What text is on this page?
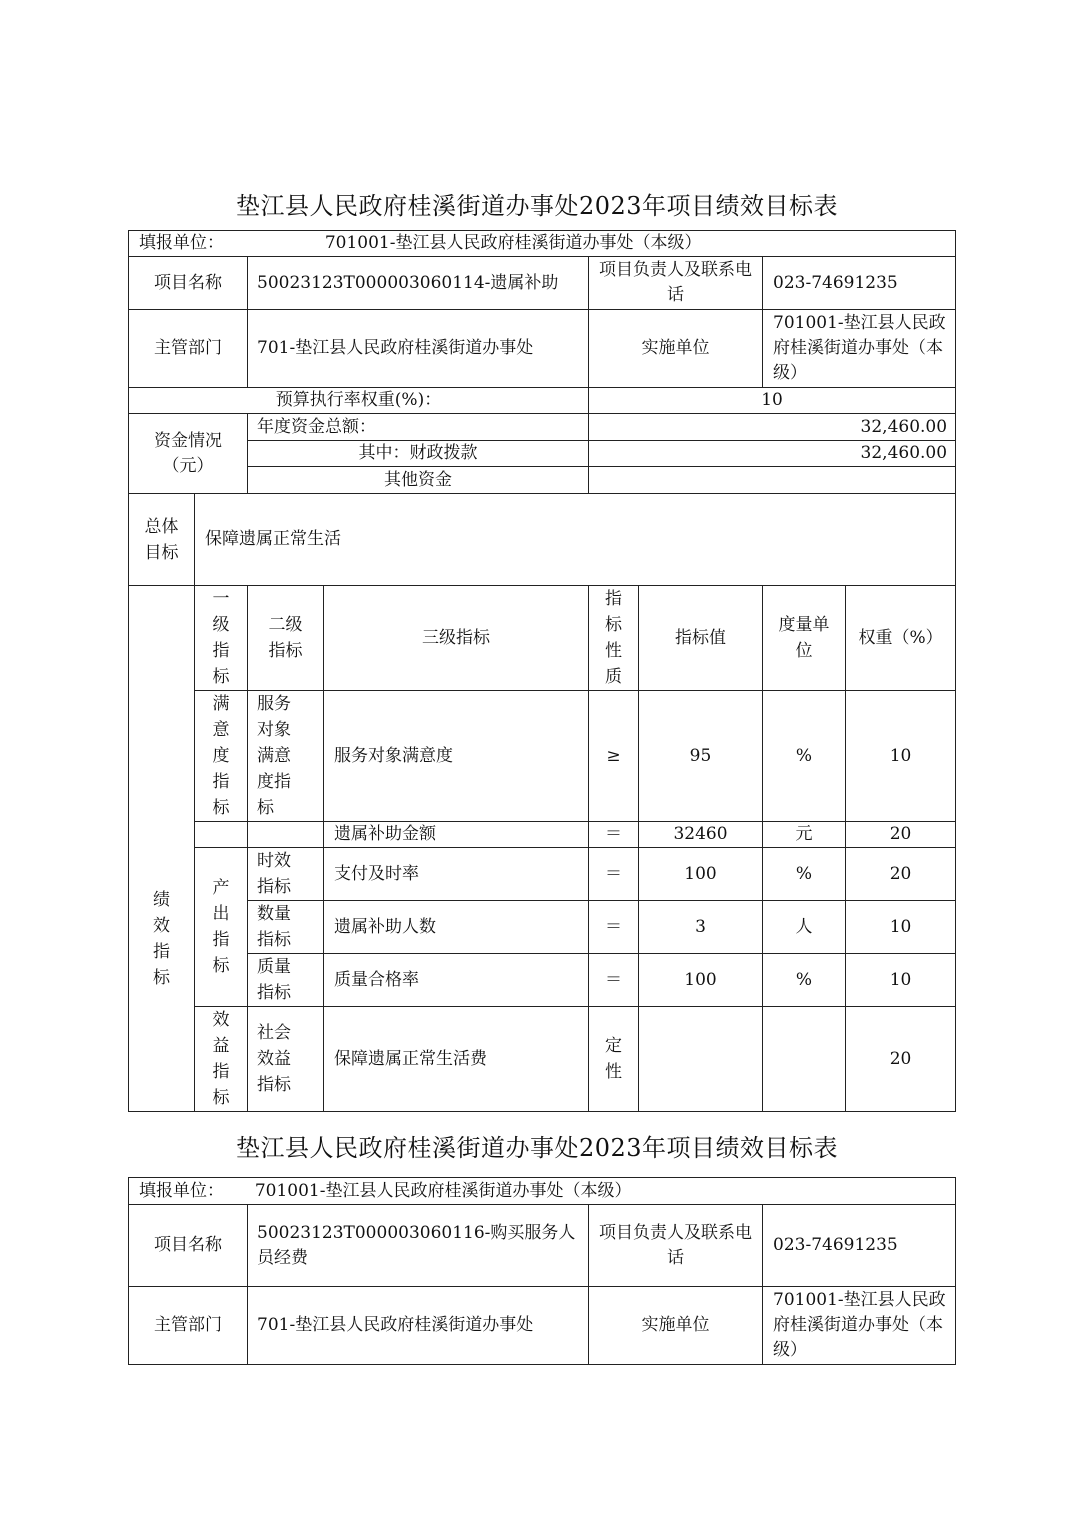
垫江县人民政府桂溪街道办事处2023年项目绩效目标表
填报单位： 701001-垫江县人民政府桂溪街道办事处（本级）							
项目名称		50023123T000003060114-遗属补助		项目负责人及联系电话		023-74691235	
主管部门		701-垫江县人民政府桂溪街道办事处		实施单位		701001-垫江县人民政府桂溪街道办事处（本级）	
预算执行率权重(%)：				10			
资金情况（元）		年度资金总额：		32,460.00			
		其中：财政拨款		32,460.00			
		其他资金					

总体目标	保障遗属正常生活						

绩效指标	一级指标	二级指标	三级指标	指标性质	指标值	度量单位	权重（%）

	满意度指标	服务对象满意度指标	服务对象满意度	≥	95	%	10
			遗属补助金额	＝	32460	元	20

	产出指标	时效指标	支付及时率	＝	100	%	20

		数量指标	遗属补助人数	＝	3	人	10

		质量指标	质量合格率	＝	100	%	10

	效益指标	社会效益指标	保障遗属正常生活费	定性			20
垫江县人民政府桂溪街道办事处2023年项目绩效目标表
填报单位： 701001-垫江县人民政府桂溪街道办事处（本级）			
项目名称	50023123T000003060116-购买服务人员经费	项目负责人及联系电话	023-74691235
主管部门	701-垫江县人民政府桂溪街道办事处	实施单位	701001-垫江县人民政府桂溪街道办事处（本级）
